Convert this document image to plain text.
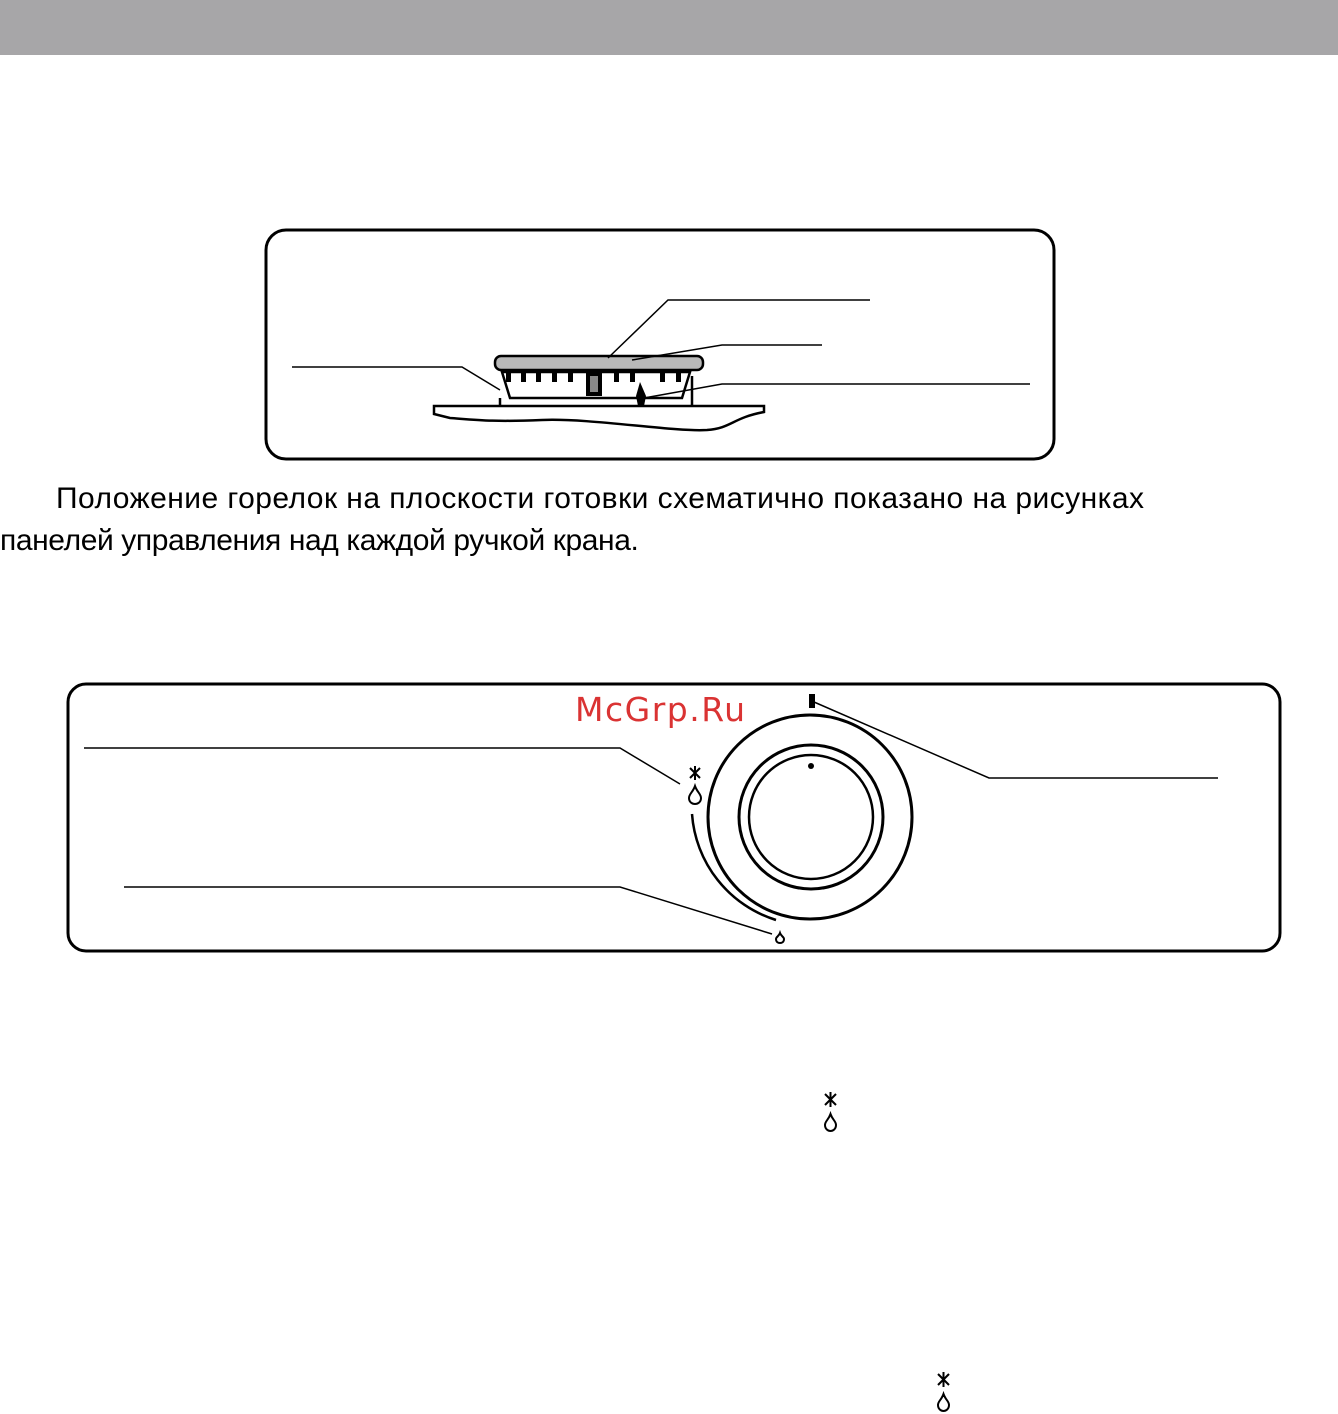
Положение горелок на плоскости готовки схематично показано на рисунках
панелей управления над каждой ручкой крана.

McGrp.Ru
